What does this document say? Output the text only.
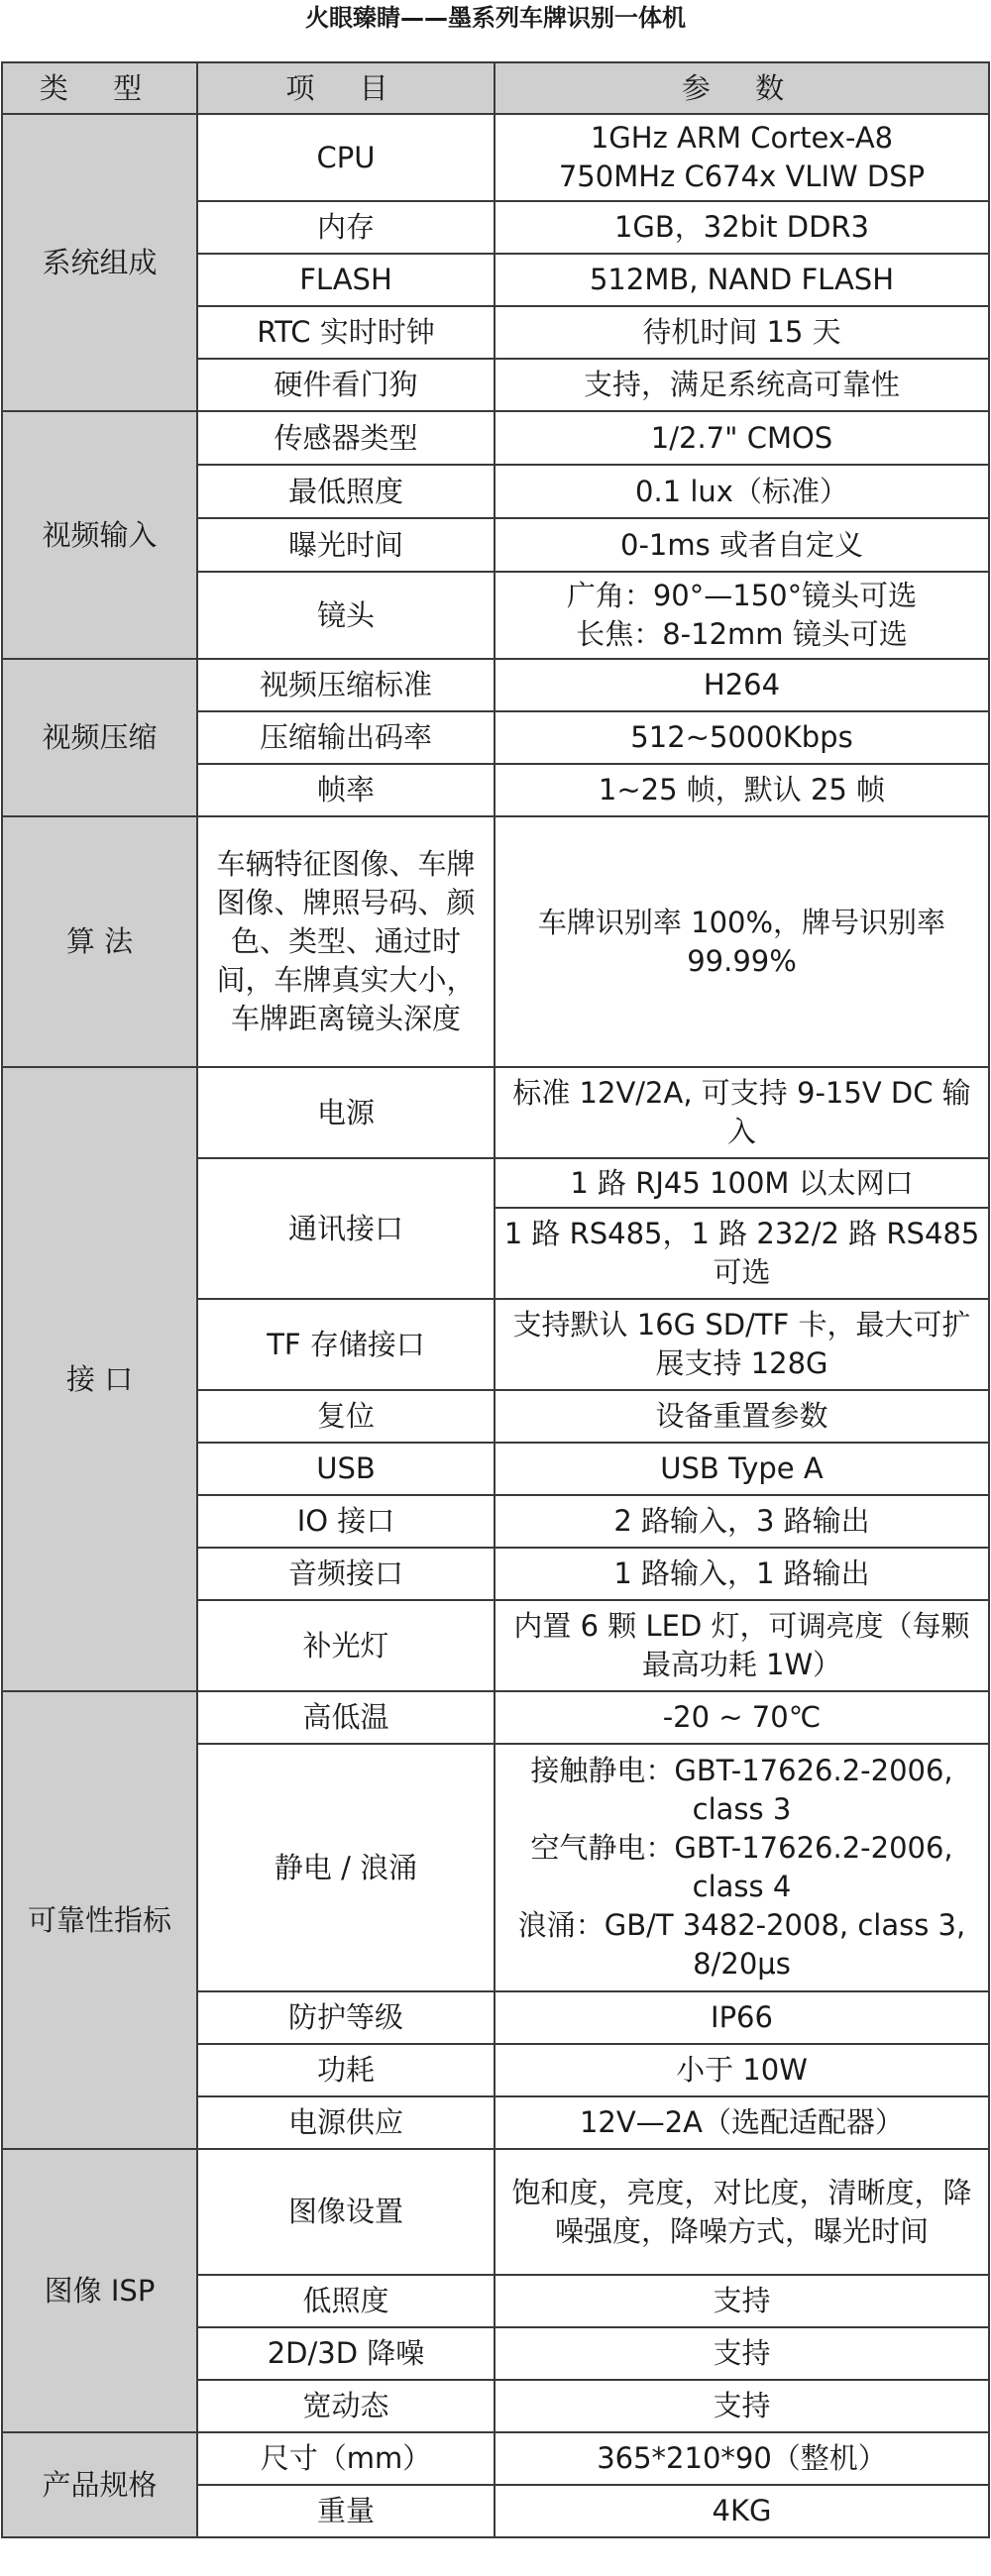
火眼臻睛——墨系列车牌识别一体机
类 型	项 目	参 数
系统组成	CPU	1GHz ARM Cortex-A8
750MHz C674x VLIW DSP
	内存	1GB，32bit DDR3
	FLASH	512MB, NAND FLASH
	RTC 实时时钟	待机时间 15 天
	硬件看门狗	支持，满足系统高可靠性
视频输入	传感器类型	1/2.7" CMOS
	最低照度	0.1 lux（标准）
	曝光时间	0-1ms 或者自定义
	镜头	广角：90°—150°镜头可选
长焦：8-12mm 镜头可选
视频压缩	视频压缩标准	H264
	压缩输出码率	512~5000Kbps
	帧率	1~25 帧，默认 25 帧
算 法	车辆特征图像、车牌图像、牌照号码、颜色、类型、通过时间，车牌真实大小，车牌距离镜头深度	车牌识别率 100%，牌号识别率 99.99%
接 口	电源	标准 12V/2A, 可支持 9-15V DC 输入
	通讯接口	1 路 RJ45 100M 以太网口
		1 路 RS485，1 路 232/2 路 RS485 可选
	TF 存储接口	支持默认 16G SD/TF 卡，最大可扩展支持 128G
	复位	设备重置参数
	USB	USB Type A
	IO 接口	2 路输入，3 路输出
	音频接口	1 路输入，1 路输出
	补光灯	内置 6 颗 LED 灯，可调亮度（每颗最高功耗 1W）
可靠性指标	高低温	-20 ~ 70℃
	静电 / 浪涌	接触静电：GBT-17626.2-2006, class 3
空气静电：GBT-17626.2-2006, class 4
浪涌：GB/T 3482-2008, class 3, 8/20μs
	防护等级	IP66
	功耗	小于 10W
	电源供应	12V—2A（选配适配器）
图像 ISP	图像设置	饱和度，亮度，对比度，清晰度，降噪强度，降噪方式，曝光时间
	低照度	支持
	2D/3D 降噪	支持
	宽动态	支持
产品规格	尺寸（mm）	365*210*90（整机）
	重量	4KG
